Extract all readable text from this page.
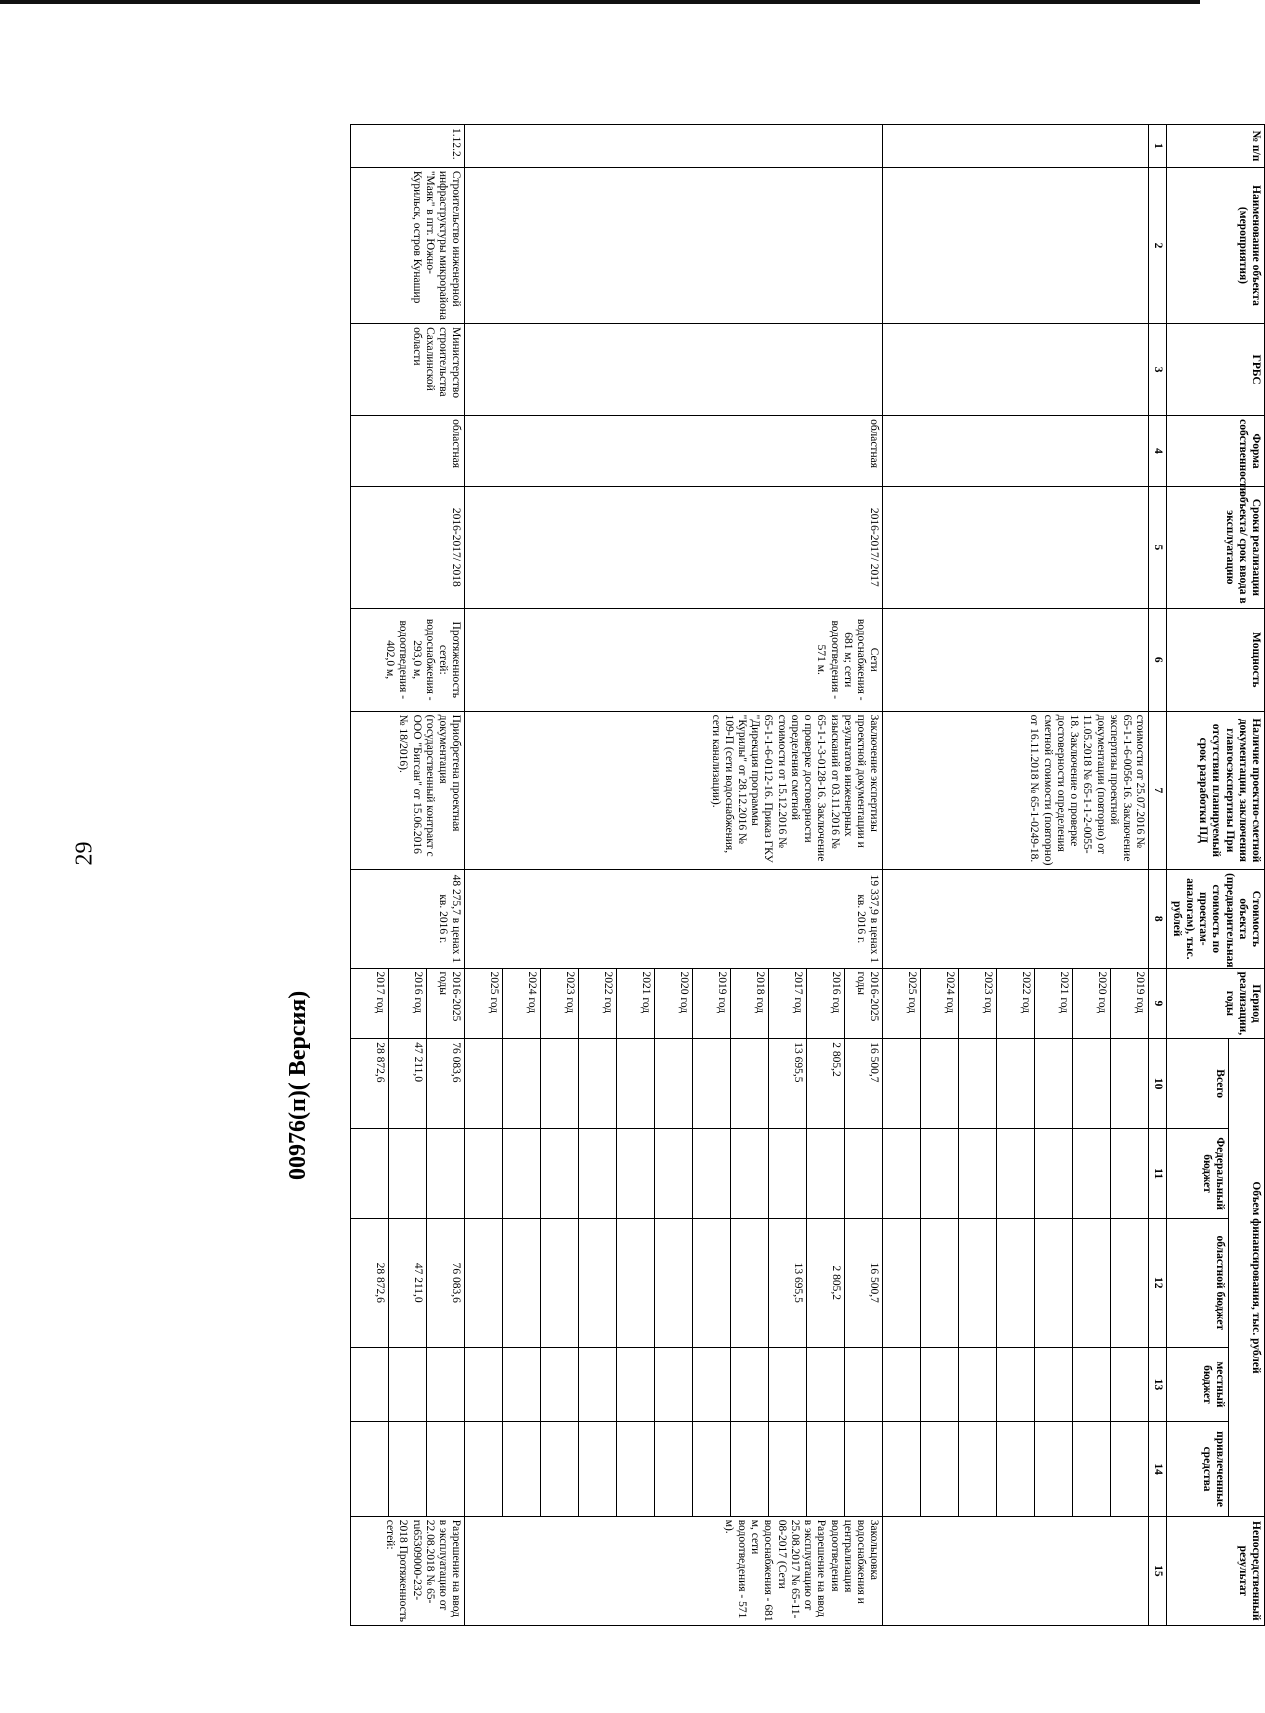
29
00976(п)( Версия)
№ п/п	Наименование объекта (мероприятия)	ГРБС	Форма собственности	Сроки реализации объекта/ срок ввода в эксплуатацию	Мощность	Наличие проектно-сметной документации, заключения главгосэкспертизы При отсутствии планируемый срок разработки ПД	Стоимость объекта (предварительная стоимость по проектам-аналогам), тыс. рублей	Период реализации, годы	Объем финансирования, тыс. рублей					Непосредственный результат
									Всего	Федеральный бюджет	областной бюджет	местный бюджет	привлеченные средства	
1	2	3	4	5	6	7	8	9	10	11	12	13	14	15
						стоимости от 25.07.2016 № 65-1-1-6-0056-16. Заключение экспертизы проектной документации (повторно) от 11.05.2018 № 65-1-1-2-0055-18. Заключение о проверке достоверности определения сметной стоимости (повторно) от 16.11.2018 № 65-1-0249-18.		2019 год						
								2020 год						
								2021 год						
								2022 год						
								2023 год						
								2024 год						
								2025 год						
			областная	2016-2017/ 2017	Сети водоснабжения - 681 м; сети водоотведения - 571 м.	Заключение экспертизы проектной документации и результатов инженерных изысканий от 03.11.2016 № 65-1-1-3-0128-16. Заключение о проверке достоверности определения сметной стоимости от 15.12.2016 № 65-1-1-6-0112-16. Приказ ГКУ "Дирекция программы "Курилы" от 28.12.2016 № 109-П (сети водоснабжения, сети канализации).	19 337,9 в ценах 1 кв. 2016 г.	2016-2025 годы	16 500,7		16 500,7			Закольцовка водоснабжения и централизация водоотведения Разрешение на ввод в эксплуатацию от 25.08.2017 № 65-11-08-2017 (Сети водоснабжения - 681 м, сети водоотведения - 571 м).
								2016 год	2 805,2		2 805,2			
								2017 год	13 695,5		13 695,5			
								2018 год						
								2019 год						
								2020 год						
								2021 год						
								2022 год						
								2023 год						
								2024 год						
								2025 год						
1.12.2.	Строительство инженерной инфраструктуры микрорайона "Маяк" в пгт. Южно-Курильск, остров Кунашир	Министерство строительства Сахалинской области	областная	2016-2017/ 2018	Протяженность сетей: водоснабжения - 293,0 м, водоотведения - 402,0 м,	Приобретена проектная документация (государственный контракт с ООО "Бигсан" от 15.06.2016 № 18/2016).	48 275,7 в ценах 1 кв. 2016 г.	2016-2025 годы	76 083,6		76 083,6			Разрешение на ввод в эксплуатацию от 22.08.2018 № 65-ru65309000-232-2018 Протяженность сетей:
								2016 год	47 211,0		47 211,0			
								2017 год	28 872,6		28 872,6			
